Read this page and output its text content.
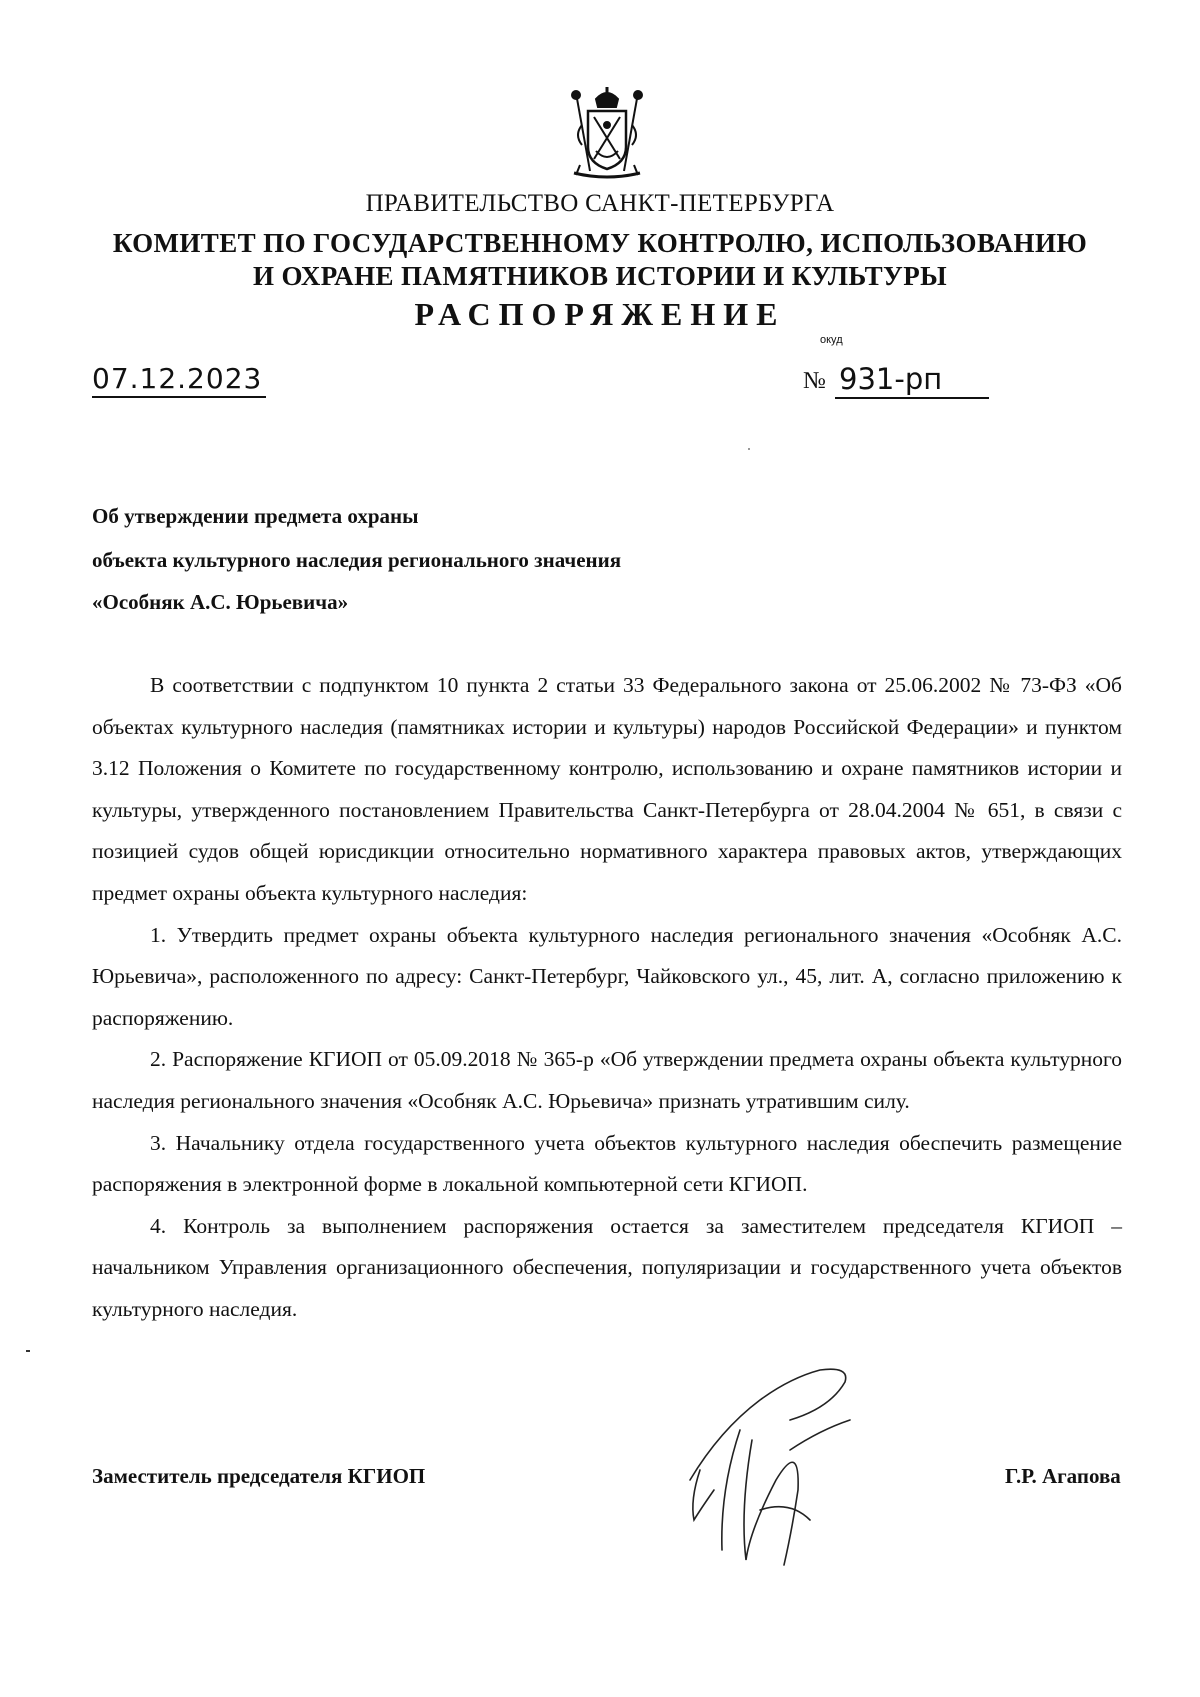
ПРАВИТЕЛЬСТВО САНКТ-ПЕТЕРБУРГА
КОМИТЕТ ПО ГОСУДАРСТВЕННОМУ КОНТРОЛЮ, ИСПОЛЬЗОВАНИЮ
И ОХРАНЕ ПАМЯТНИКОВ ИСТОРИИ И КУЛЬТУРЫ
РАСПОРЯЖЕНИЕ
окуд
07.12.2023	№ 931-рп
Об утверждении предмета охраны
объекта культурного наследия регионального значения
«Особняк А.С. Юрьевича»

В соответствии с подпунктом 10 пункта 2 статьи 33 Федерального закона от 25.06.2002 № 73-ФЗ «Об объектах культурного наследия (памятниках истории и культуры) народов Российской Федерации» и пунктом 3.12 Положения о Комитете по государственному контролю, использованию и охране памятников истории и культуры, утвержденного постановлением Правительства Санкт-Петербурга от 28.04.2004 № 651, в связи с позицией судов общей юрисдикции относительно нормативного характера правовых актов, утверждающих предмет охраны объекта культурного наследия:

1. Утвердить предмет охраны объекта культурного наследия регионального значения «Особняк А.С. Юрьевича», расположенного по адресу: Санкт-Петербург, Чайковского ул., 45, лит. А, согласно приложению к распоряжению.

2. Распоряжение КГИОП от 05.09.2018 № 365-р «Об утверждении предмета охраны объекта культурного наследия регионального значения «Особняк А.С. Юрьевича» признать утратившим силу.

3. Начальнику отдела государственного учета объектов культурного наследия обеспечить размещение распоряжения в электронной форме в локальной компьютерной сети КГИОП.

4. Контроль за выполнением распоряжения остается за заместителем председателя КГИОП – начальником Управления организационного обеспечения, популяризации и государственного учета объектов культурного наследия.

Заместитель председателя КГИОП	Г.Р. Агапова
